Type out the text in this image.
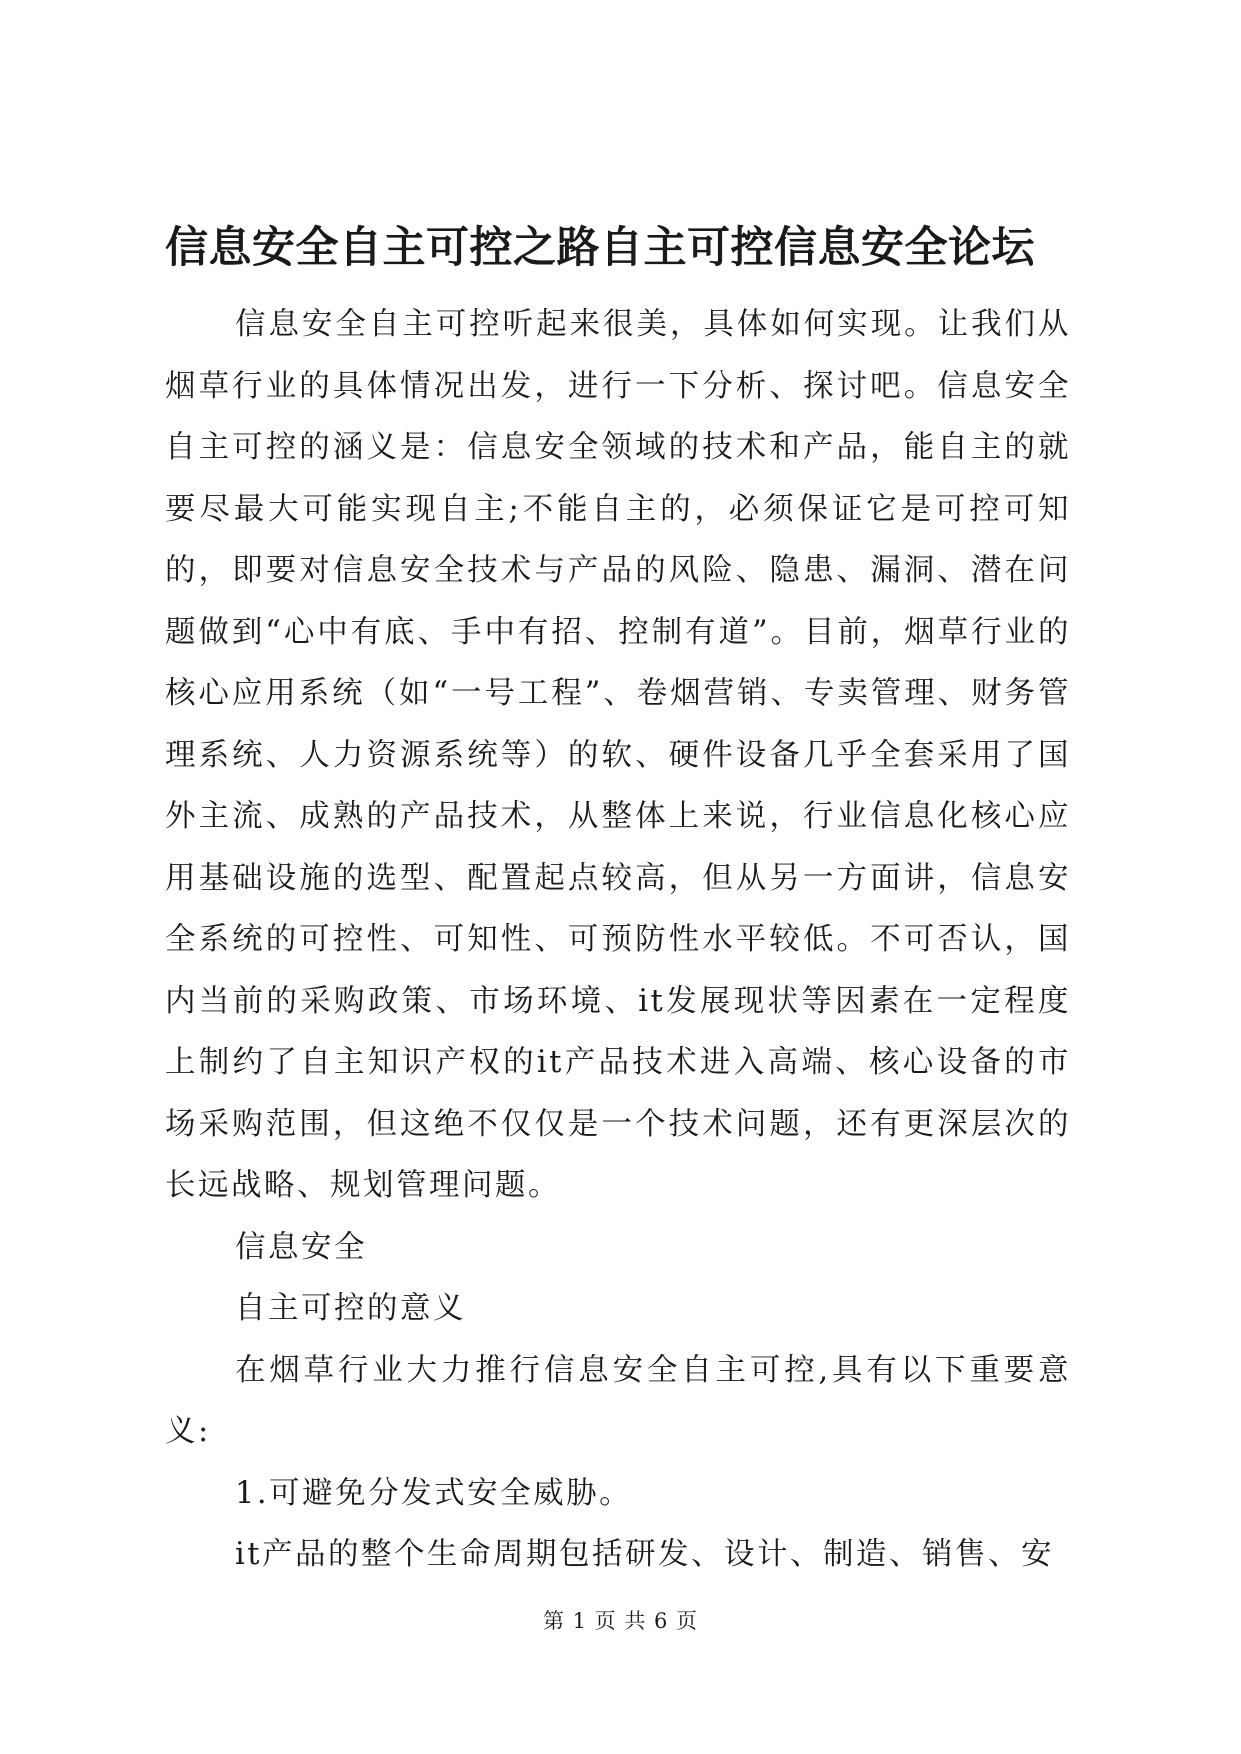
信息安全自主可控之路自主可控信息安全论坛

信息安全自主可控听起来很美，具体如何实现。让我们从烟草行业的具体情况出发，进行一下分析、探讨吧。信息安全自主可控的涵义是：信息安全领域的技术和产品，能自主的就要尽最大可能实现自主;不能自主的，必须保证它是可控可知的，即要对信息安全技术与产品的风险、隐患、漏洞、潜在问题做到“心中有底、手中有招、控制有道”。目前，烟草行业的核心应用系统（如“一号工程”、卷烟营销、专卖管理、财务管理系统、人力资源系统等）的软、硬件设备几乎全套采用了国外主流、成熟的产品技术，从整体上来说，行业信息化核心应用基础设施的选型、配置起点较高，但从另一方面讲，信息安全系统的可控性、可知性、可预防性水平较低。不可否认，国内当前的采购政策、市场环境、it发展现状等因素在一定程度上制约了自主知识产权的it产品技术进入高端、核心设备的市场采购范围，但这绝不仅仅是一个技术问题，还有更深层次的长远战略、规划管理问题。

信息安全

自主可控的意义

在烟草行业大力推行信息安全自主可控,具有以下重要意义:

1.可避免分发式安全威胁。

it产品的整个生命周期包括研发、设计、制造、销售、安

第 1 页 共 6 页
